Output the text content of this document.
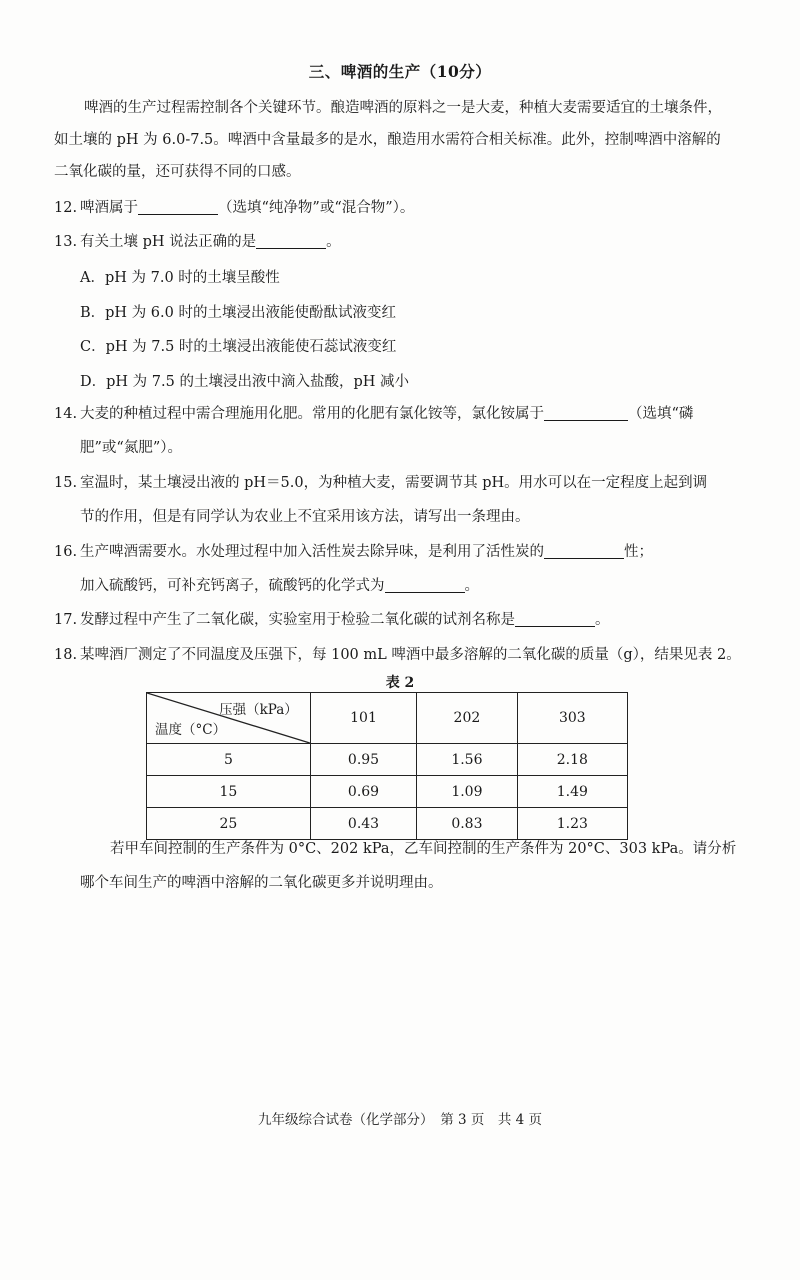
三、啤酒的生产（10分）
啤酒的生产过程需控制各个关键环节。酿造啤酒的原料之一是大麦，种植大麦需要适宜的土壤条件，
如土壤的 pH 为 6.0-7.5。啤酒中含量最多的是水，酿造用水需符合相关标准。此外，控制啤酒中溶解的
二氧化碳的量，还可获得不同的口感。
12. 啤酒属于	（选填“纯净物”或“混合物”）。
13. 有关土壤 pH 说法正确的是	。
A．pH 为 7.0 时的土壤呈酸性
B．pH 为 6.0 时的土壤浸出液能使酚酞试液变红
C．pH 为 7.5 时的土壤浸出液能使石蕊试液变红
D．pH 为 7.5 的土壤浸出液中滴入盐酸，pH 减小
14. 大麦的种植过程中需合理施用化肥。常用的化肥有氯化铵等，氯化铵属于	（选填“磷
肥”或“氮肥”）。
15. 室温时，某土壤浸出液的 pH＝5.0，为种植大麦，需要调节其 pH。用水可以在一定程度上起到调
节的作用，但是有同学认为农业上不宜采用该方法，请写出一条理由。
16. 生产啤酒需要水。水处理过程中加入活性炭去除异味，是利用了活性炭的	性；
加入硫酸钙，可补充钙离子，硫酸钙的化学式为	。
17. 发酵过程中产生了二氧化碳，实验室用于检验二氧化碳的试剂名称是	。
18. 某啤酒厂测定了不同温度及压强下，每 100 mL 啤酒中最多溶解的二氧化碳的质量（g），结果见表 2。
表 2
压强（kPa）
温度（°C）	101	202	303
5	0.95	1.56	2.18
15	0.69	1.09	1.49
25	0.43	0.83	1.23
若甲车间控制的生产条件为 0°C、202 kPa，乙车间控制的生产条件为 20°C、303 kPa。请分析
哪个车间生产的啤酒中溶解的二氧化碳更多并说明理由。
九年级综合试卷（化学部分）　第 3 页　共 4 页
